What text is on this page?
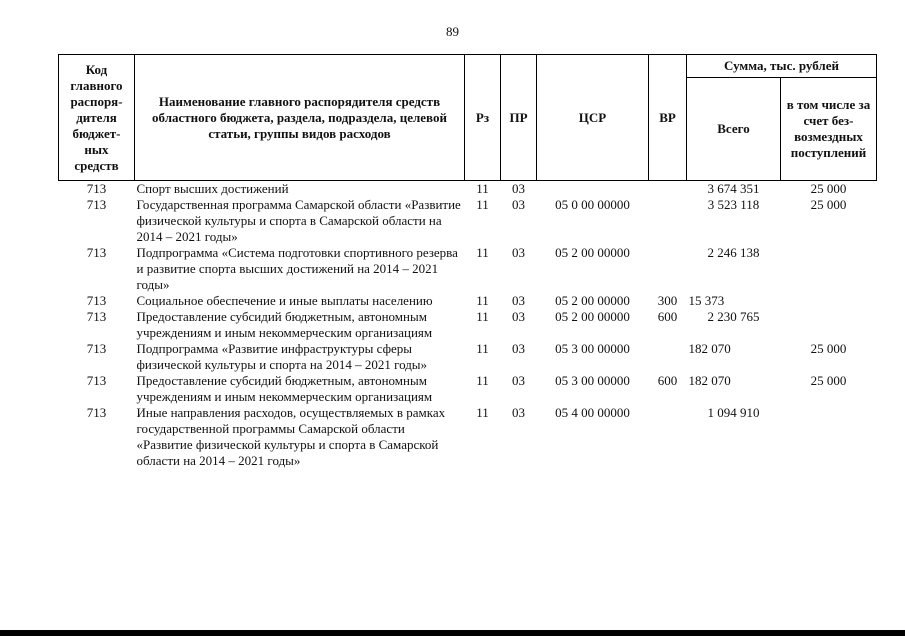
89
Код главного распоря-дителя бюджет-ных средств	Наименование главного распорядителя средств областного бюджета, раздела, подраздела, целевой статьи, группы видов расходов	Рз	ПР	ЦСР	ВР	Сумма, тыс. рублей	
						Всего	в том числе за счет без-возмездных поступлений
713	Спорт высших достижений	11	03			3 674 351	25 000
713	Государственная программа Самарской области «Развитие физической культуры и спорта в Самарской области на 2014 – 2021 годы»	11	03	05 0 00 00000		3 523 118	25 000
713	Подпрограмма «Система подготовки спортивного резерва и развитие спорта высших достижений на 2014 – 2021 годы»	11	03	05 2 00 00000		2 246 138	
713	Социальное обеспечение и иные выплаты населению	11	03	05 2 00 00000	300	15 373	
713	Предоставление субсидий бюджетным, автономным учреждениям и иным некоммерческим организациям	11	03	05 2 00 00000	600	2 230 765	
713	Подпрограмма «Развитие инфраструктуры сферы физической культуры и спорта на 2014 – 2021 годы»	11	03	05 3 00 00000		182 070	25 000
713	Предоставление субсидий бюджетным, автономным учреждениям и иным некоммерческим организациям	11	03	05 3 00 00000	600	182 070	25 000
713	Иные направления расходов, осуществляемых в рамках государственной программы Самарской области «Развитие физической культуры и спорта в Самарской области на 2014 – 2021 годы»	11	03	05 4 00 00000		1 094 910	
